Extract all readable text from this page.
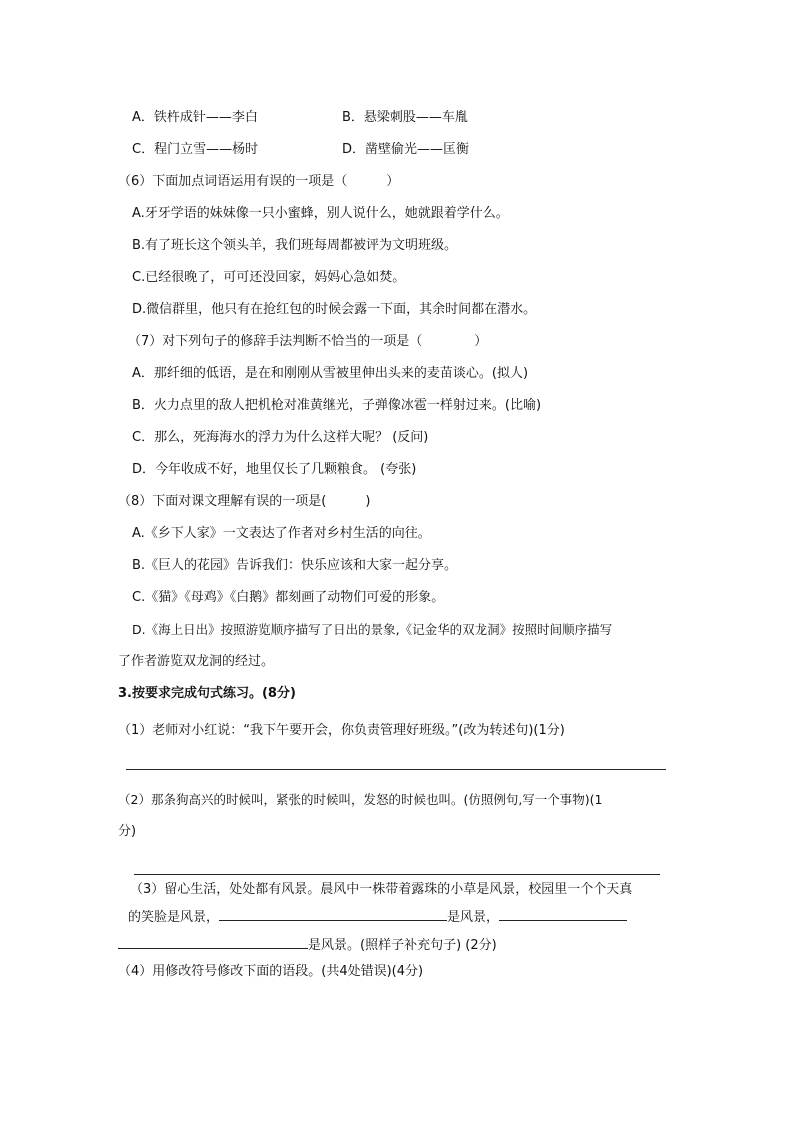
A．铁杵成针——李白	B．悬梁刺股——车胤
C．程门立雪——杨时	D．凿壁偷光——匡衡
（6）下面加点词语运用有误的一项是（　　　）
A.牙牙学语的妹妹像一只小蜜蜂，别人说什么，她就跟着学什么。
B.有了班长这个领头羊，我们班每周都被评为文明班级。
C.已经很晚了，可可还没回家，妈妈心急如焚。
D.微信群里，他只有在抢红包的时候会露一下面，其余时间都在潜水。
（7）对下列句子的修辞手法判断不恰当的一项是（　　　　）
A．那纤细的低语，是在和刚刚从雪被里伸出头来的麦苗谈心。(拟人)
B．火力点里的敌人把机枪对准黄继光，子弹像冰雹一样射过来。(比喻)
C．那么，死海海水的浮力为什么这样大呢？ (反问)
D．今年收成不好，地里仅长了几颗粮食。 (夸张)
（8）下面对课文理解有误的一项是(　　　)
A.《乡下人家》一文表达了作者对乡村生活的向往。
B.《巨人的花园》告诉我们：快乐应该和大家一起分享。
C.《猫》《母鸡》《白鹅》都刻画了动物们可爱的形象。
D.《海上日出》按照游览顺序描写了日出的景象,《记金华的双龙洞》按照时间顺序描写
了作者游览双龙洞的经过。
3.按要求完成句式练习。(8分)
（1）老师对小红说：“我下午要开会，你负责管理好班级。”(改为转述句)(1分)
（2）那条狗高兴的时候叫，紧张的时候叫，发怒的时候也叫。(仿照例句,写一个事物)(1
分)
（3）留心生活，处处都有风景。晨风中一株带着露珠的小草是风景，校园里一个个天真
的笑脸是风景，	是风景，
是风景。(照样子补充句子) (2分)
（4）用修改符号修改下面的语段。(共4处错误)(4分)
